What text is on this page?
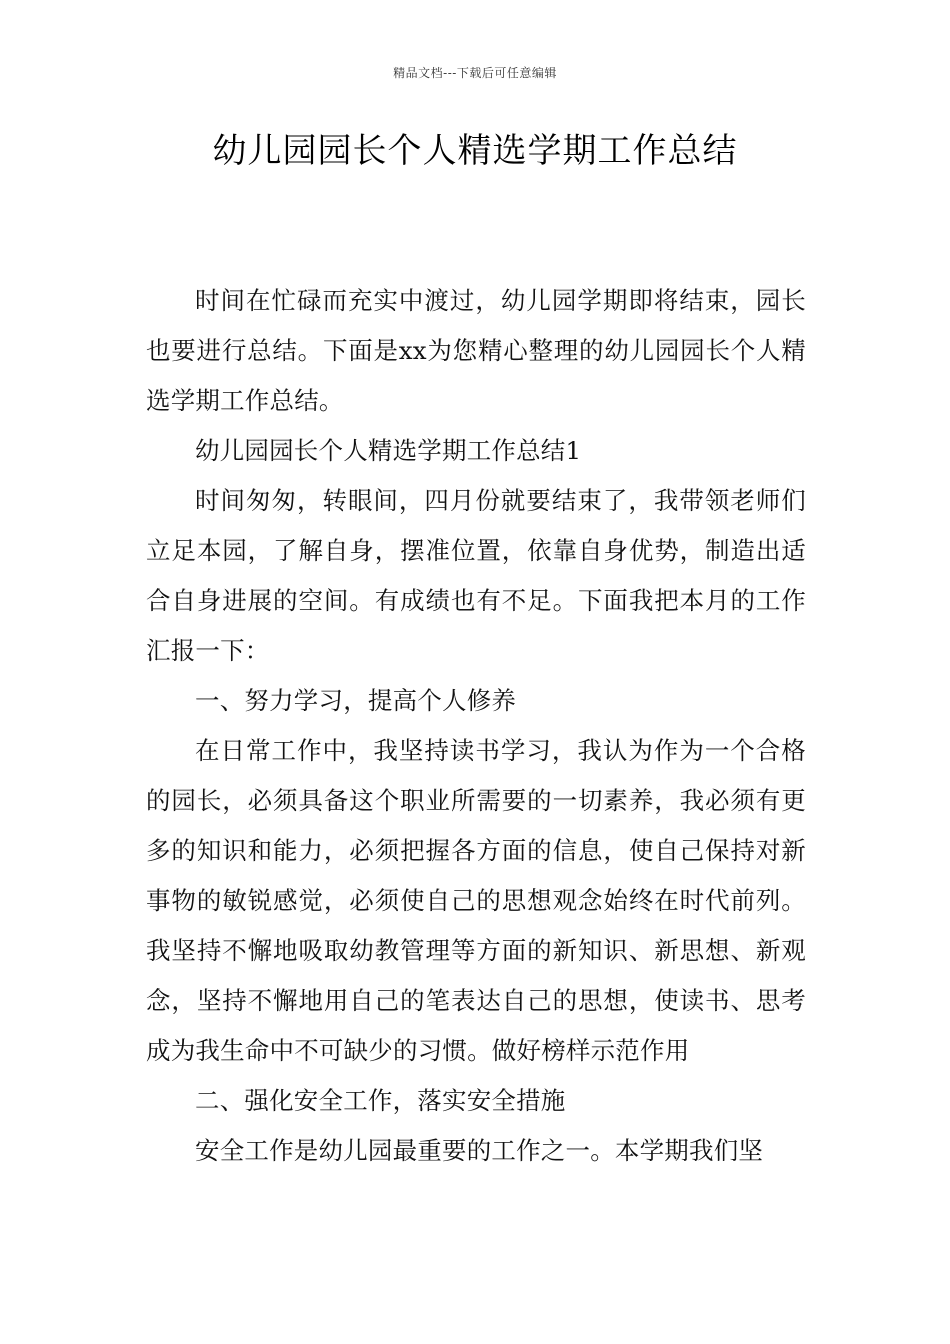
精品文档---下载后可任意编辑
幼儿园园长个人精选学期工作总结

时间在忙碌而充实中渡过，幼儿园学期即将结束，园长也要进行总结。下面是xx为您精心整理的幼儿园园长个人精选学期工作总结。

幼儿园园长个人精选学期工作总结1

时间匆匆，转眼间，四月份就要结束了，我带领老师们立足本园，了解自身，摆准位置，依靠自身优势，制造出适合自身进展的空间。有成绩也有不足。下面我把本月的工作汇报一下：

一、努力学习，提高个人修养

在日常工作中，我坚持读书学习，我认为作为一个合格的园长，必须具备这个职业所需要的一切素养，我必须有更多的知识和能力，必须把握各方面的信息，使自己保持对新事物的敏锐感觉，必须使自己的思想观念始终在时代前列。我坚持不懈地吸取幼教管理等方面的新知识、新思想、新观念，坚持不懈地用自己的笔表达自己的思想，使读书、思考成为我生命中不可缺少的习惯。做好榜样示范作用

二、强化安全工作，落实安全措施

安全工作是幼儿园最重要的工作之一。本学期我们坚
